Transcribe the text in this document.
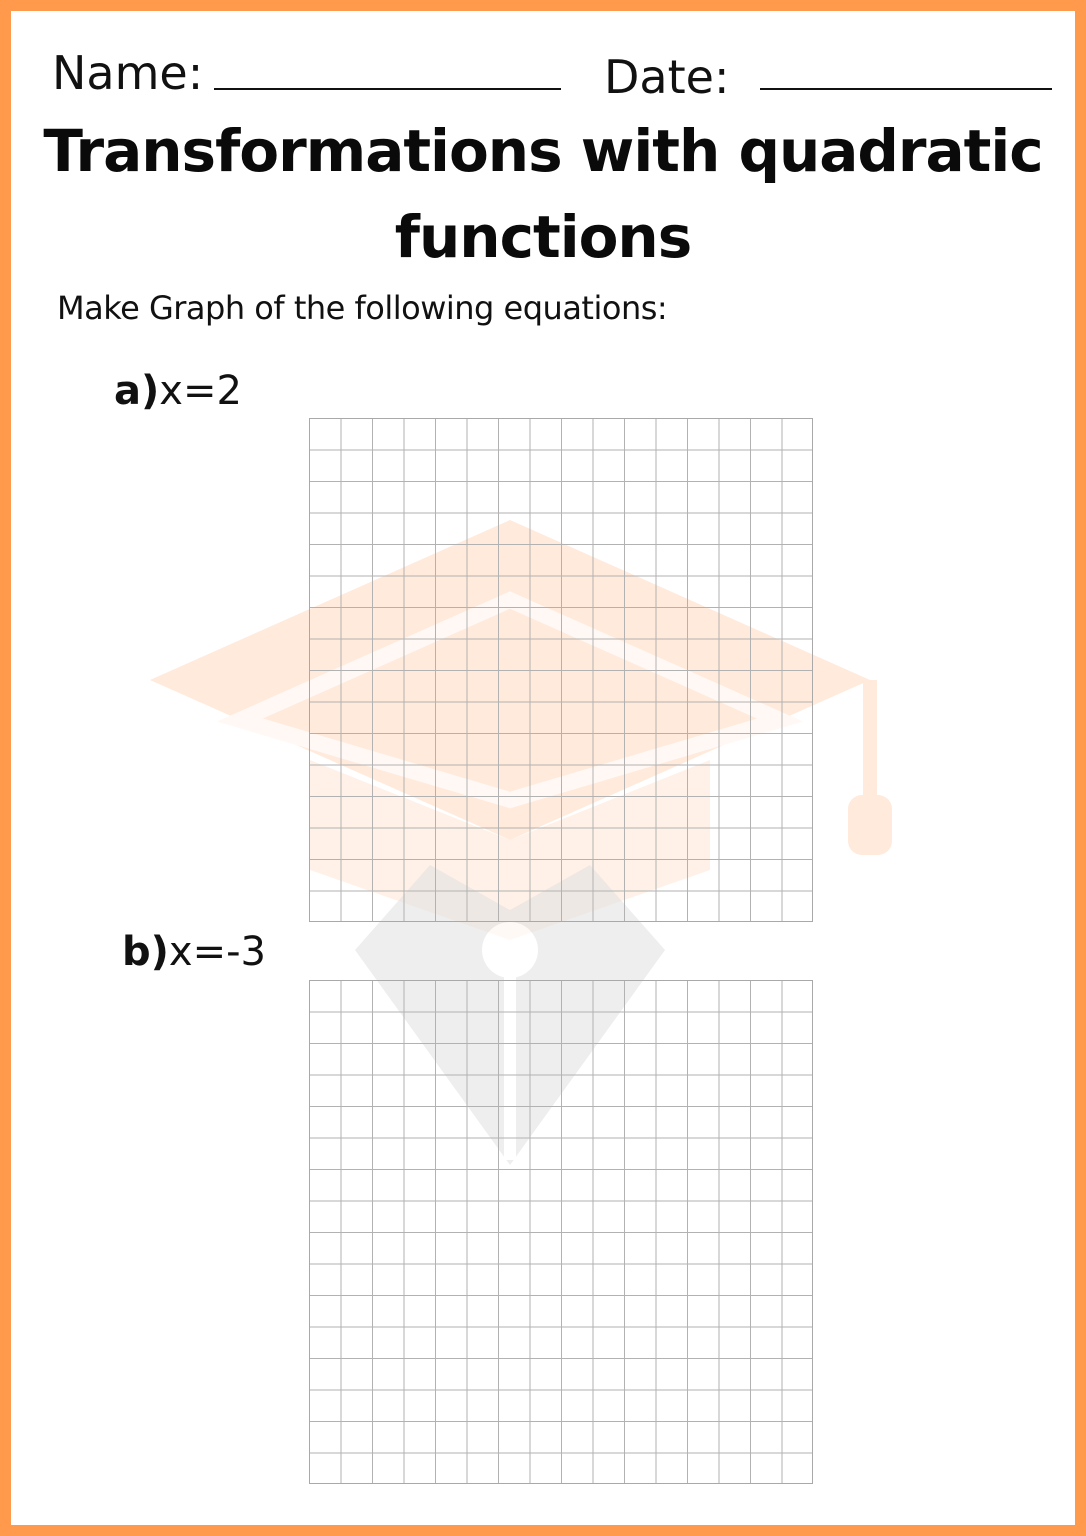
Name:	Date:
Transformations with quadratic functions
Make Graph of the following equations:
a)x=2
b)x=-3
